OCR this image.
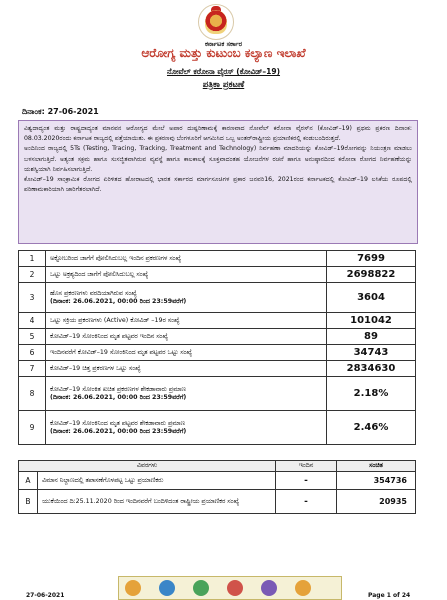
ಕರ್ನಾಟಕ ಸರ್ಕಾರ
ಆರೋಗ್ಯ ಮತ್ತು ಕುಟುಂಬ ಕಲ್ಯಾಣ ಇಲಾಖೆ
ನೋವೆಲ್ ಕರೋನಾ ವೈರಸ್ (ಕೋವಿಡ್–19)
ಪತ್ರಿಕಾ ಪ್ರಕಟಣೆ
ದಿನಾಂಕ: 27-06-2021

ವಿಶ್ವದಾದ್ಯಂತ ಮತ್ತು ರಾಷ್ಟ್ರದಾದ್ಯಂತ ಮಾನವನ ಆರೋಗ್ಯದ ಮೇಲೆ ಅಪಾರ ದುಷ್ಪರಿಣಾಮಕ್ಕೆ ಕಾರಣವಾದ ನೋವೆಲ್ ಕರೋನಾ ವೈರಸ್‌ನ (ಕೋವಿಡ್–19) ಪ್ರಥಮ ಪ್ರಕರಣ ದಿನಾಂಕ: 08.03.2020ರಂದು ಕರ್ನಾಟಕ ರಾಜ್ಯದಲ್ಲಿ ಪತ್ತೆಯಾಯಿತು. ಈ ಪ್ರಕರಣವು ಬೆಂಗಳೂರಿಗೆ ಆಗಮಿಸಿದ ಒಬ್ಬ ಅಂತರ್‌ರಾಷ್ಟ್ರೀಯ ಪ್ರಯಾಣಿಕರಲ್ಲಿ ಕಂಡುಬಂದಿರುತ್ತದೆ.

ಅಂದಿನಿಂದ ರಾಜ್ಯದಲ್ಲಿ 5Ts (Testing, Tracing, Tracking, Treatment and Technology) ನಿರ್ವಹಣಾ ಮಾದರಿಯನ್ನು ಕೋವಿಡ್–19ರೋಗವನ್ನು ನಿಯಂತ್ರಣ ಮಾಡಲು ಬಳಸಲಾಗುತ್ತಿದೆ. ಅತ್ಯಂತ ಸಕ್ರಮ ಹಾಗೂ ಸುಸಜ್ಜಿತವಾಗಿರುವ ವ್ಯವಸ್ಥೆ ಹಾಗೂ ಕಾಲಕಾಲಕ್ಕೆ ಸೂಕ್ತವಾದಂತಹ ಯೋಜನೆಗಳ ರಚನೆ ಹಾಗೂ ಅನುಷ್ಠಾನದಿಂದ ಕರೋನಾ ರೋಗದ ನಿರ್ವಹಣೆಯನ್ನು ಯಶಸ್ವಿಯಾಗಿ ನಿರ್ವಹಿಸಲಾಗುತ್ತಿದೆ.

ಕೋವಿಡ್–19 ಸಾಂಕ್ರಾಮಿಕ ರೋಗದ ಏರಿಳಿತದ ಹೋರಾಟದಲ್ಲಿ ಭಾರತ ಸರ್ಕಾರದ ಮಾರ್ಗಸೂಚಿಗಳ ಪ್ರಕಾರ ಜನವರಿ16, 2021ರಂದ ಕರ್ನಾಟಕದಲ್ಲಿ ಕೋವಿಡ್–19 ಲಸಿಕೆಯ ರೂಪದಲ್ಲಿ ಪರಿಣಾಮಕಾರಿಯಾಗಿ ಜಾರಿಗೆತರಲಾಗಿದೆ.

1	ಅಕ್ಟೋಬರಿಂದ ಜಾಗೆಗೆ ಪೋಲಿಸಿದುಬಲ್ಲ ಇಂದಿನ ಪ್ರಕರಣಗಳ ಸಂಖ್ಯೆ	7699
2	ಒಟ್ಟು ಅಕ್ರಶ್ಯದಿಂದ ಜಾಗೆಗೆ ಪೋಲಿಸಿದುಬಲ್ಲ ಸಂಖ್ಯೆ	2698822
3	ಹೊಸ ಪ್ರಕರಣಗಳು ವರದಿಯಾಗಿರುವ ಸಂಖ್ಯೆ
(ದಿನಾಂಕ: 26.06.2021, 00:00 ರಿಂದ 23:59ವರೆಗೆ)	3604
4	ಒಟ್ಟು ಸಕ್ರಿಯ ಪ್ರಕರಣಗಳು (Active) ಕೋವಿಡ್ –19ರ ಸಂಖ್ಯೆ	101042
5	ಕೋವಿಡ್–19 ಸೋಂಕಿನಿಂದ ಮೃತ ಪಟ್ಟವರ ಇಂದಿನ ಸಂಖ್ಯೆ	89
6	ಇಂದಿನವರೆಗೆ ಕೋವಿಡ್–19 ಸೋಂಕಿನಿಂದ ಮೃತ ಪಟ್ಟವರ ಒಟ್ಟು ಸಂಖ್ಯೆ	34743
7	ಕೋವಿಡ್–19 ಚಿತ್ತ ಪ್ರಕರಣಗಳ ಒಟ್ಟು ಸಂಖ್ಯೆ	2834630
8	ಕೋವಿಡ್–19 ಸೋಂಕಿತ ಖಚಿತ ಪ್ರಕರಣಗಳ ಶೇಕಡಾವಾರು ಪ್ರಮಾಣ
(ದಿನಾಂಕ: 26.06.2021, 00:00 ರಿಂದ 23:59ವರೆಗೆ)	2.18%
9	ಕೋವಿಡ್–19 ಸೋಂಕಿನಿಂದ ಮೃತ ಪಟ್ಟವರ ಶೇಕಡಾವಾರು ಪ್ರಮಾಣ
(ದಿನಾಂಕ: 26.06.2021, 00:00 ರಿಂದ 23:59ವರೆಗೆ)	2.46%
ವಿವರಗಳು		ಇಂದಿನ	ಸಂಚಿತ
A	ವಿಮಾನ ನಿಲ್ದಾಣದಲ್ಲಿ ತಪಾಸಣೆಗೊಳಪಟ್ಟ ಒಟ್ಟು ಪ್ರಯಾಣಿಕರು	-	354736
B	ಯುಕೆಯಿಂದ ದಿ:25.11.2020 ರಿಂದ ಇಂದಿನವರೆಗೆ ಬಂದಿಳಿದಂತ ರಾಷ್ಟ್ರೀಯ ಪ್ರಯಾಣಿಕರ ಸಂಖ್ಯೆ	-	20935
27-06-2021	Page 1 of 24
